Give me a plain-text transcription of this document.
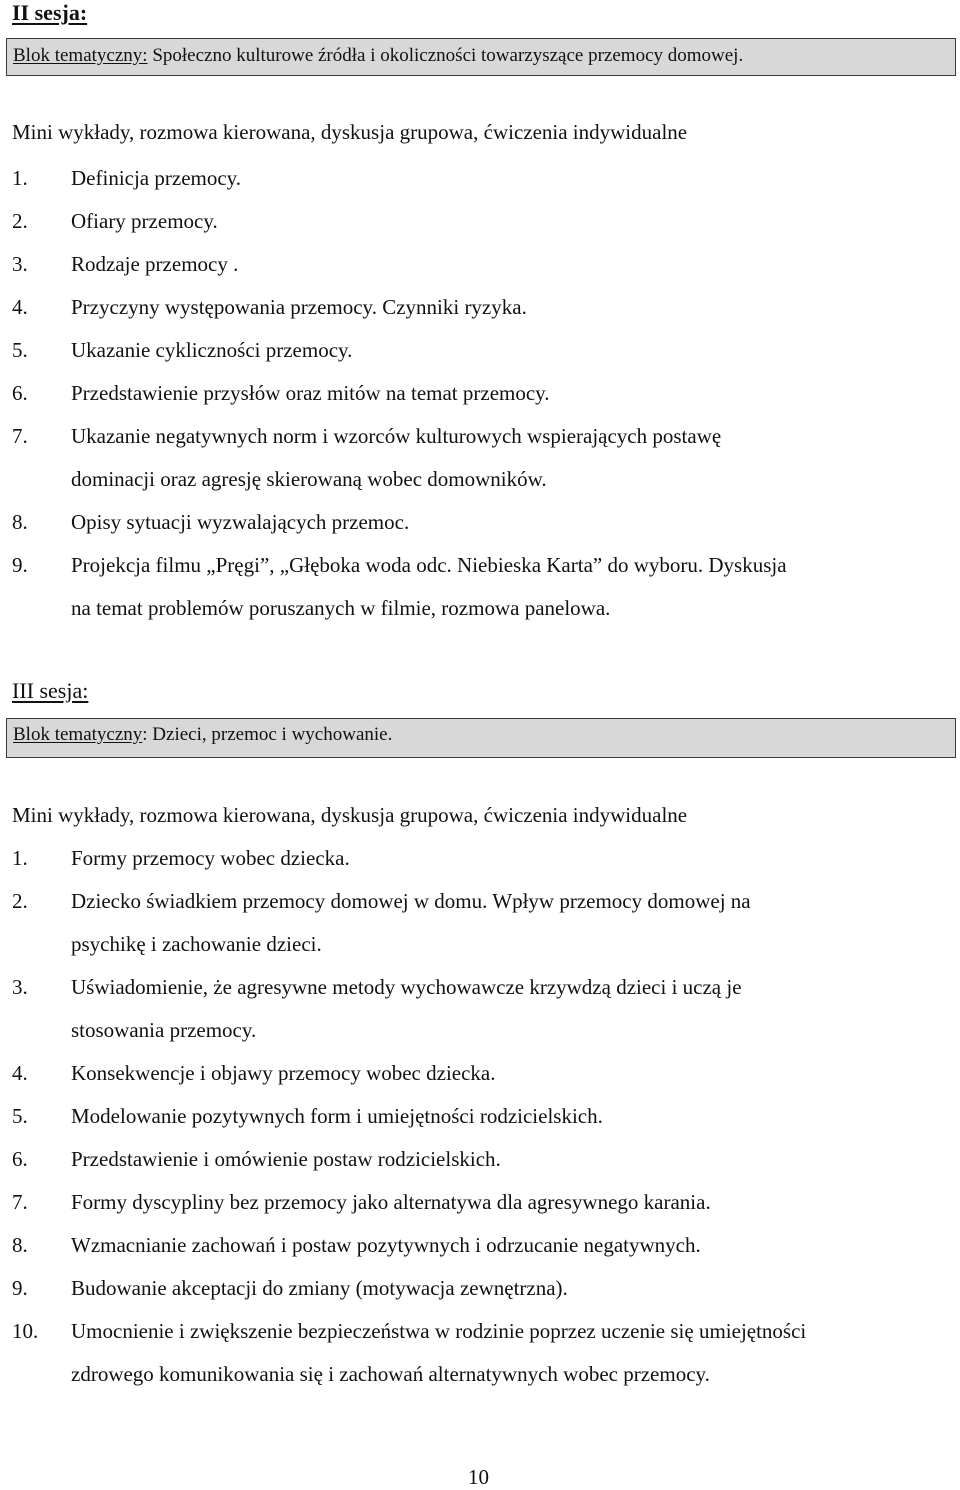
II sesja:
Blok tematyczny: Społeczno kulturowe źródła i okoliczności towarzyszące przemocy domowej.
Mini wykłady, rozmowa kierowana, dyskusja grupowa, ćwiczenia indywidualne
1. Definicja przemocy.
2. Ofiary przemocy.
3. Rodzaje przemocy .
4. Przyczyny występowania przemocy. Czynniki ryzyka.
5. Ukazanie cykliczności przemocy.
6. Przedstawienie przysłów oraz mitów na temat przemocy.
7. Ukazanie negatywnych norm i wzorców kulturowych wspierających postawę
dominacji oraz agresję skierowaną wobec domowników.
8. Opisy sytuacji wyzwalających przemoc.
9. Projekcja filmu „Pręgi”, „Głęboka woda odc. Niebieska Karta” do wyboru. Dyskusja
na temat problemów poruszanych w filmie, rozmowa panelowa.
III sesja:
Blok tematyczny: Dzieci, przemoc i wychowanie.
Mini wykłady, rozmowa kierowana, dyskusja grupowa, ćwiczenia indywidualne
1. Formy przemocy wobec dziecka.
2. Dziecko świadkiem przemocy domowej w domu. Wpływ przemocy domowej na
psychikę i zachowanie dzieci.
3. Uświadomienie, że agresywne metody wychowawcze krzywdzą dzieci i uczą je
stosowania przemocy.
4. Konsekwencje i objawy przemocy wobec dziecka.
5. Modelowanie pozytywnych form i umiejętności rodzicielskich.
6. Przedstawienie i omówienie postaw rodzicielskich.
7. Formy dyscypliny bez przemocy jako alternatywa dla agresywnego karania.
8. Wzmacnianie zachowań i postaw pozytywnych i odrzucanie negatywnych.
9. Budowanie akceptacji do zmiany (motywacja zewnętrzna).
10. Umocnienie i zwiększenie bezpieczeństwa w rodzinie poprzez uczenie się umiejętności
zdrowego komunikowania się i zachowań alternatywnych wobec przemocy.
10
